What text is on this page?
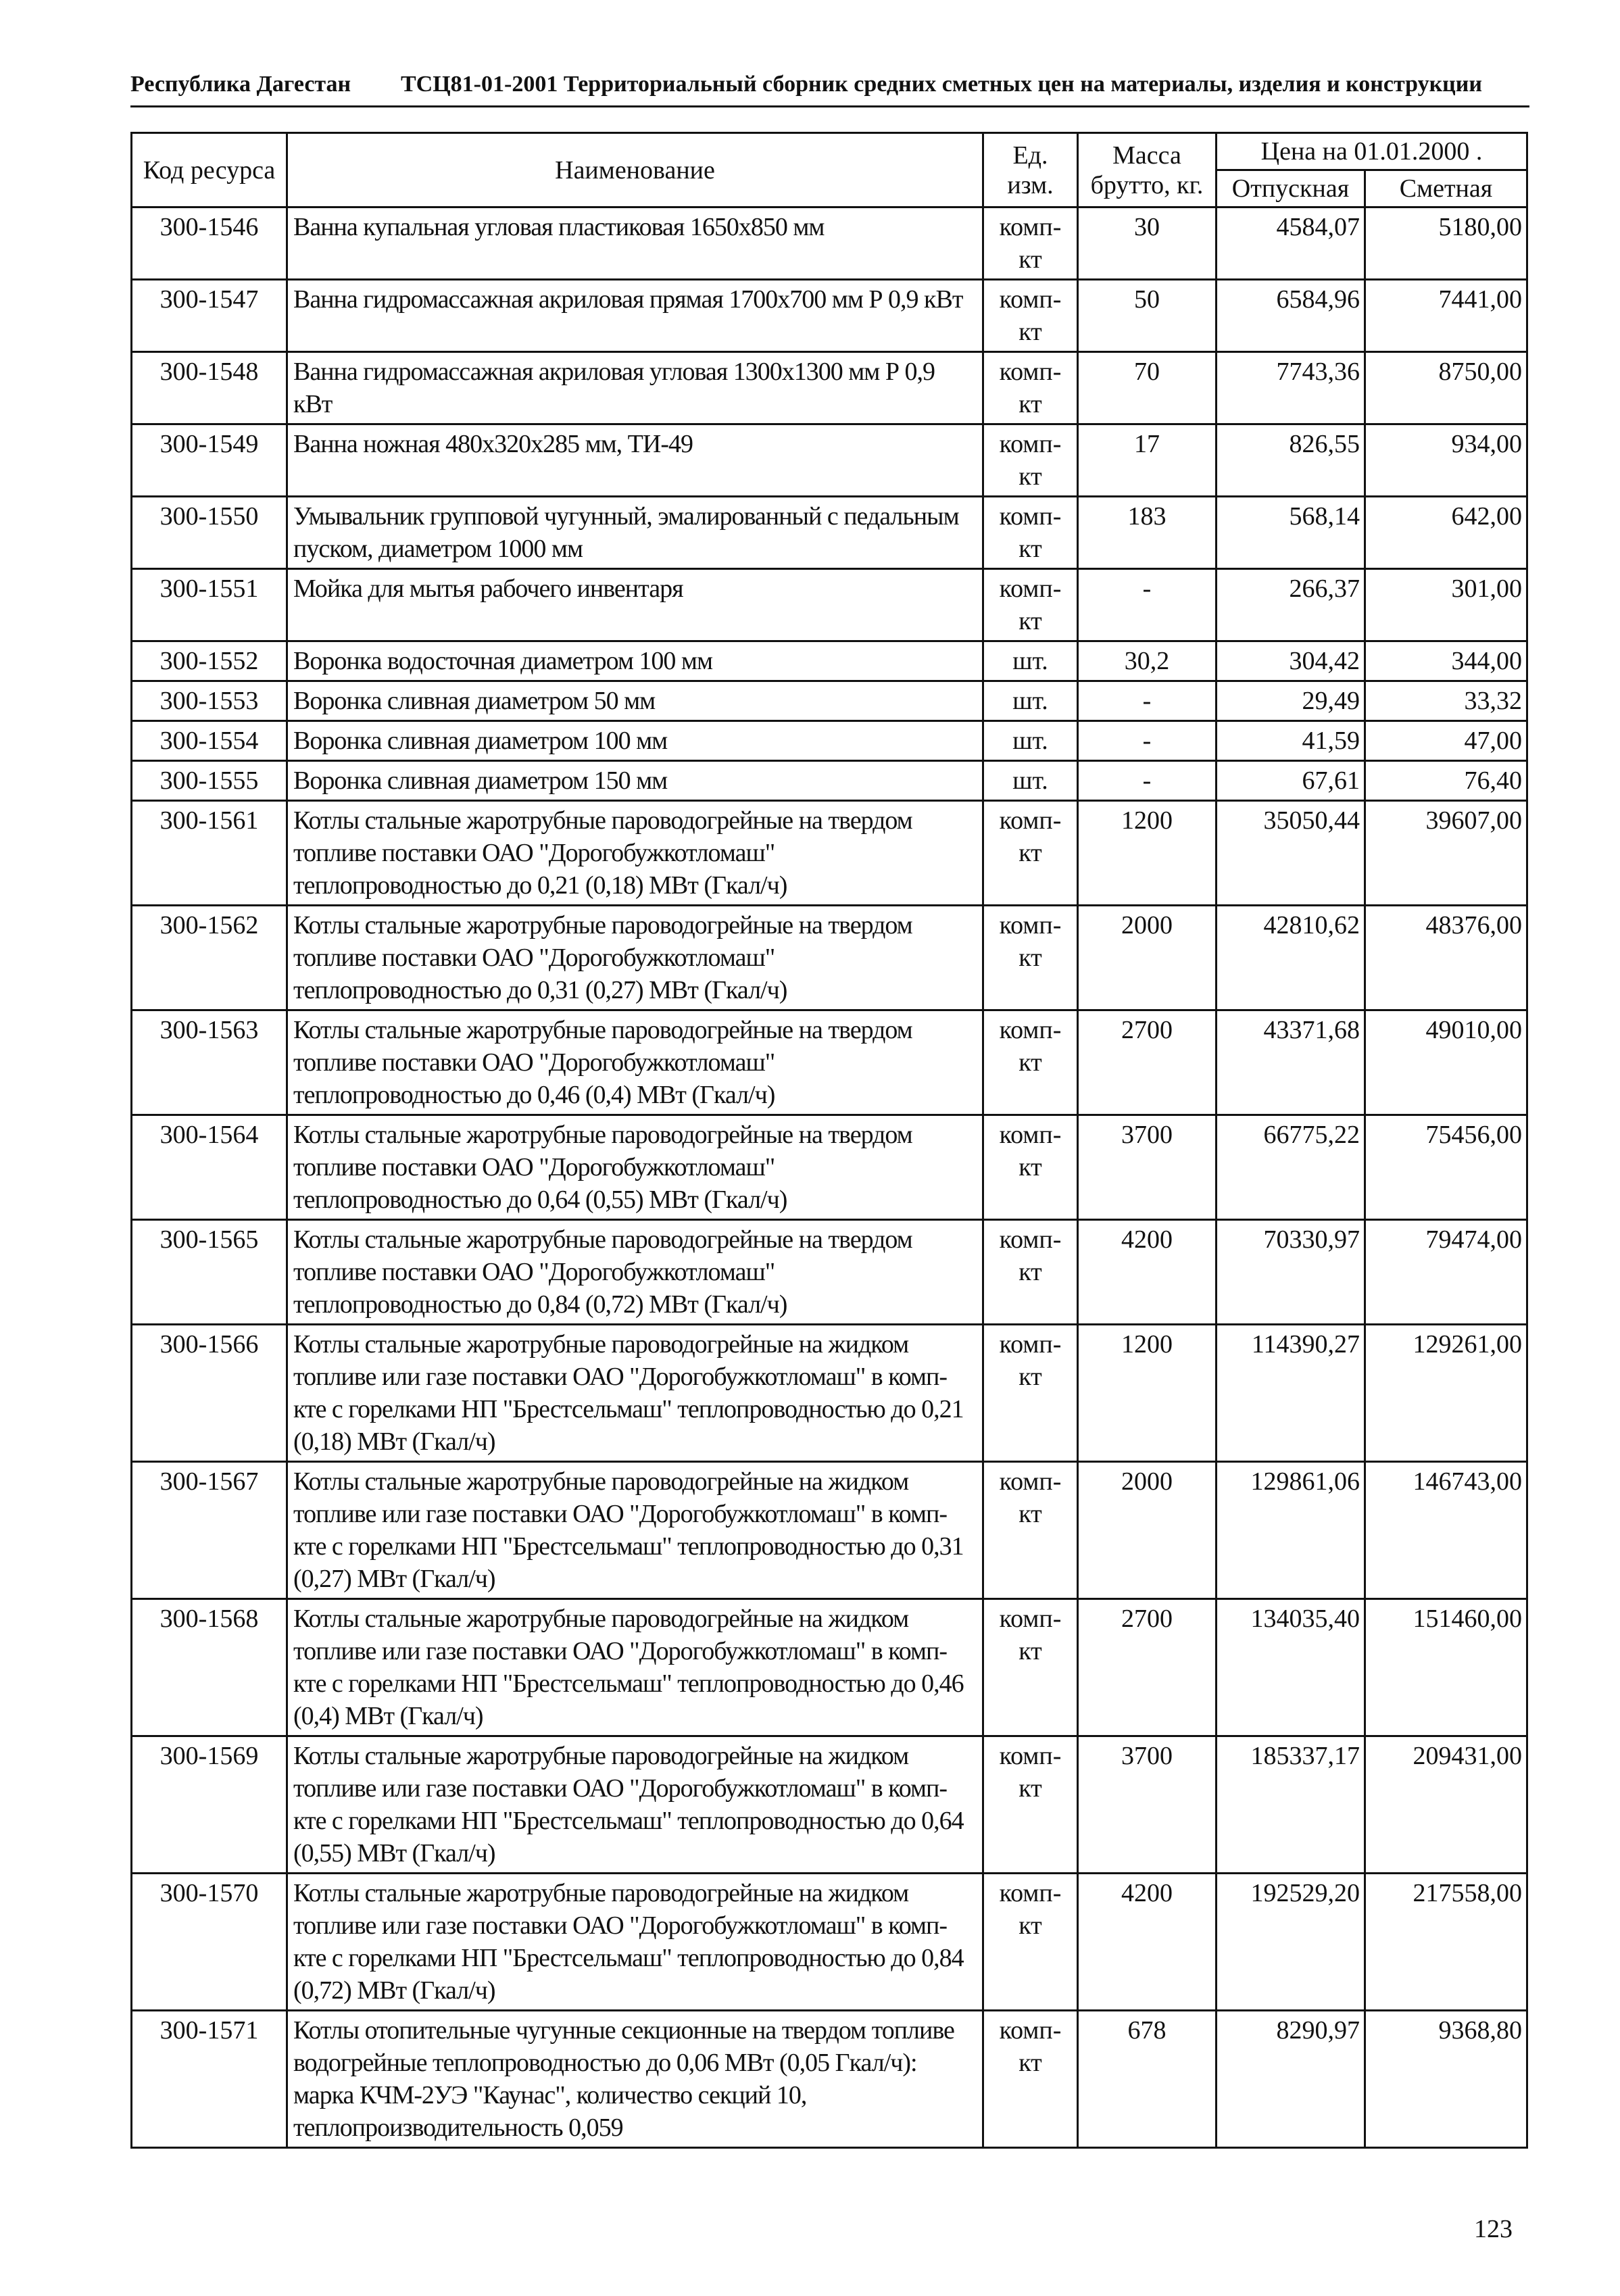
Республика Дагестан ТСЦ81-01-2001 Территориальный сборник средних сметных цен на материалы, изделия и конструкции
Код ресурса	Наименование	Ед. изм.	Масса брутто, кг.	Цена на 01.01.2000 .	
				Отпускная	Сметная
300-1546	Ванна купальная угловая пластиковая 1650x850 мм	комп-кт	30	4584,07	5180,00
300-1547	Ванна гидромассажная акриловая прямая 1700x700 мм Р 0,9 кВт	комп-кт	50	6584,96	7441,00
300-1548	Ванна гидромассажная акриловая угловая 1300x1300 мм Р 0,9 кВт	комп-кт	70	7743,36	8750,00
300-1549	Ванна ножная 480x320x285 мм, ТИ-49	комп-кт	17	826,55	934,00
300-1550	Умывальник групповой чугунный, эмалированный с педальным пуском, диаметром 1000 мм	комп-кт	183	568,14	642,00
300-1551	Мойка для мытья рабочего инвентаря	комп-кт	-	266,37	301,00
300-1552	Воронка водосточная диаметром 100 мм	шт.	30,2	304,42	344,00
300-1553	Воронка сливная диаметром 50 мм	шт.	-	29,49	33,32
300-1554	Воронка сливная диаметром 100 мм	шт.	-	41,59	47,00
300-1555	Воронка сливная диаметром 150 мм	шт.	-	67,61	76,40
300-1561	Котлы стальные жаротрубные пароводогрейные на твердом топливе поставки ОАО "Дорогобужкотломаш" теплопроводностью до 0,21 (0,18) МВт (Гкал/ч)	комп-кт	1200	35050,44	39607,00
300-1562	Котлы стальные жаротрубные пароводогрейные на твердом топливе поставки ОАО "Дорогобужкотломаш" теплопроводностью до 0,31 (0,27) МВт (Гкал/ч)	комп-кт	2000	42810,62	48376,00
300-1563	Котлы стальные жаротрубные пароводогрейные на твердом топливе поставки ОАО "Дорогобужкотломаш" теплопроводностью до 0,46 (0,4) МВт (Гкал/ч)	комп-кт	2700	43371,68	49010,00
300-1564	Котлы стальные жаротрубные пароводогрейные на твердом топливе поставки ОАО "Дорогобужкотломаш" теплопроводностью до 0,64 (0,55) МВт (Гкал/ч)	комп-кт	3700	66775,22	75456,00
300-1565	Котлы стальные жаротрубные пароводогрейные на твердом топливе поставки ОАО "Дорогобужкотломаш" теплопроводностью до 0,84 (0,72) МВт (Гкал/ч)	комп-кт	4200	70330,97	79474,00
300-1566	Котлы стальные жаротрубные пароводогрейные на жидком топливе или газе поставки ОАО "Дорогобужкотломаш" в комп-кте с горелками НП "Брестсельмаш" теплопроводностью до 0,21 (0,18) МВт (Гкал/ч)	комп-кт	1200	114390,27	129261,00
300-1567	Котлы стальные жаротрубные пароводогрейные на жидком топливе или газе поставки ОАО "Дорогобужкотломаш" в комп-кте с горелками НП "Брестсельмаш" теплопроводностью до 0,31 (0,27) МВт (Гкал/ч)	комп-кт	2000	129861,06	146743,00
300-1568	Котлы стальные жаротрубные пароводогрейные на жидком топливе или газе поставки ОАО "Дорогобужкотломаш" в комп-кте с горелками НП "Брестсельмаш" теплопроводностью до 0,46 (0,4) МВт (Гкал/ч)	комп-кт	2700	134035,40	151460,00
300-1569	Котлы стальные жаротрубные пароводогрейные на жидком топливе или газе поставки ОАО "Дорогобужкотломаш" в комп-кте с горелками НП "Брестсельмаш" теплопроводностью до 0,64 (0,55) МВт (Гкал/ч)	комп-кт	3700	185337,17	209431,00
300-1570	Котлы стальные жаротрубные пароводогрейные на жидком топливе или газе поставки ОАО "Дорогобужкотломаш" в комп-кте с горелками НП "Брестсельмаш" теплопроводностью до 0,84 (0,72) МВт (Гкал/ч)	комп-кт	4200	192529,20	217558,00
300-1571	Котлы отопительные чугунные секционные на твердом топливе водогрейные теплопроводностью до 0,06 МВт (0,05 Гкал/ч): марка КЧМ-2УЭ "Каунас", количество секций 10, теплопроизводительность 0,059	комп-кт	678	8290,97	9368,80
123
